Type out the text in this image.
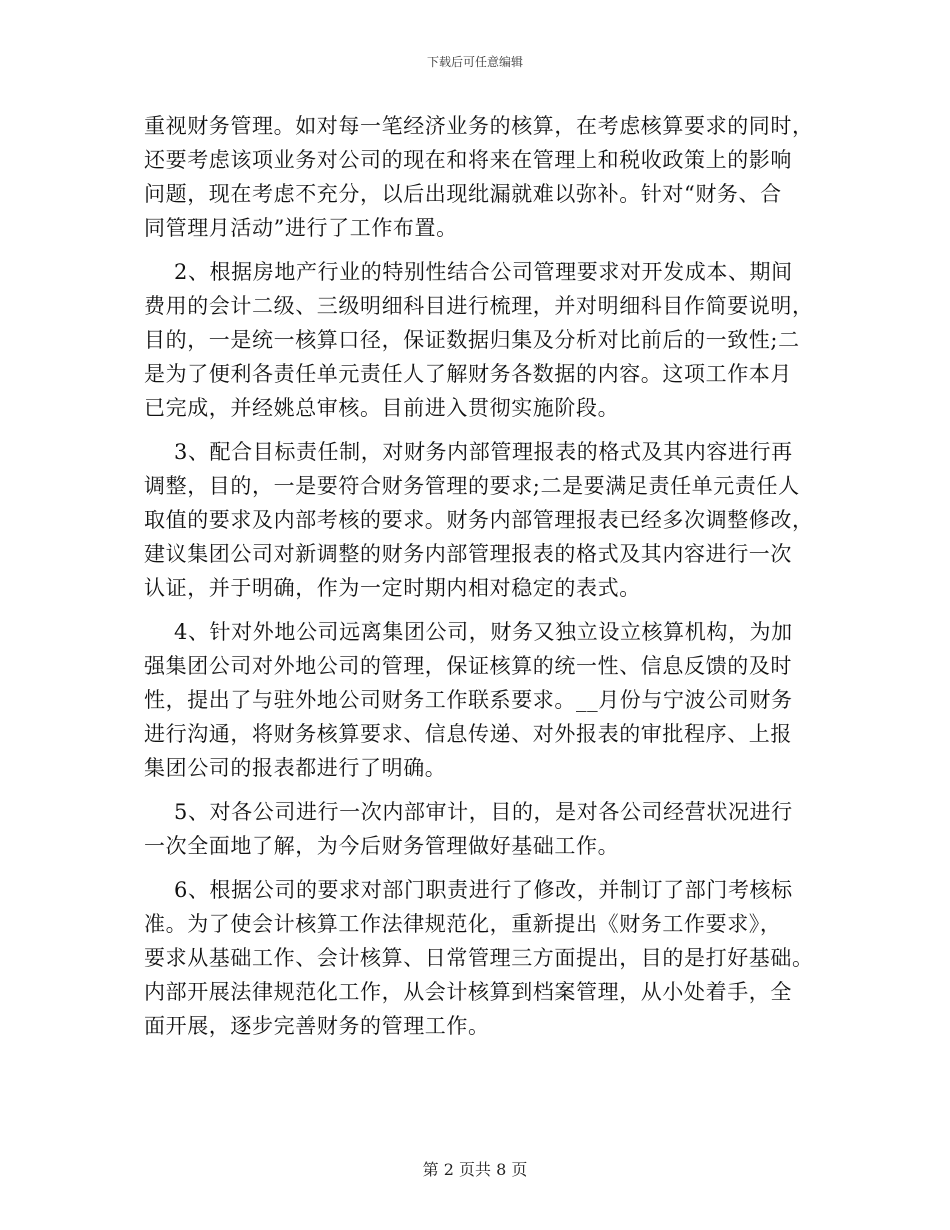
下载后可任意编辑
重视财务管理。如对每一笔经济业务的核算，在考虑核算要求的同时，
还要考虑该项业务对公司的现在和将来在管理上和税收政策上的影响
问题，现在考虑不充分，以后出现纰漏就难以弥补。针对“财务、合
同管理月活动”进行了工作布置。
2、根据房地产行业的特别性结合公司管理要求对开发成本、期间
费用的会计二级、三级明细科目进行梳理，并对明细科目作简要说明，
目的，一是统一核算口径，保证数据归集及分析对比前后的一致性;二
是为了便利各责任单元责任人了解财务各数据的内容。这项工作本月
已完成，并经姚总审核。目前进入贯彻实施阶段。
3、配合目标责任制，对财务内部管理报表的格式及其内容进行再
调整，目的，一是要符合财务管理的要求;二是要满足责任单元责任人
取值的要求及内部考核的要求。财务内部管理报表已经多次调整修改，
建议集团公司对新调整的财务内部管理报表的格式及其内容进行一次
认证，并于明确，作为一定时期内相对稳定的表式。
4、针对外地公司远离集团公司，财务又独立设立核算机构，为加
强集团公司对外地公司的管理，保证核算的统一性、信息反馈的及时
性，提出了与驻外地公司财务工作联系要求。__月份与宁波公司财务
进行沟通，将财务核算要求、信息传递、对外报表的审批程序、上报
集团公司的报表都进行了明确。
5、对各公司进行一次内部审计，目的，是对各公司经营状况进行
一次全面地了解，为今后财务管理做好基础工作。
6、根据公司的要求对部门职责进行了修改，并制订了部门考核标
准。为了使会计核算工作法律规范化，重新提出《财务工作要求》，
要求从基础工作、会计核算、日常管理三方面提出，目的是打好基础。
内部开展法律规范化工作，从会计核算到档案管理，从小处着手，全
面开展，逐步完善财务的管理工作。
第 2 页共 8 页
